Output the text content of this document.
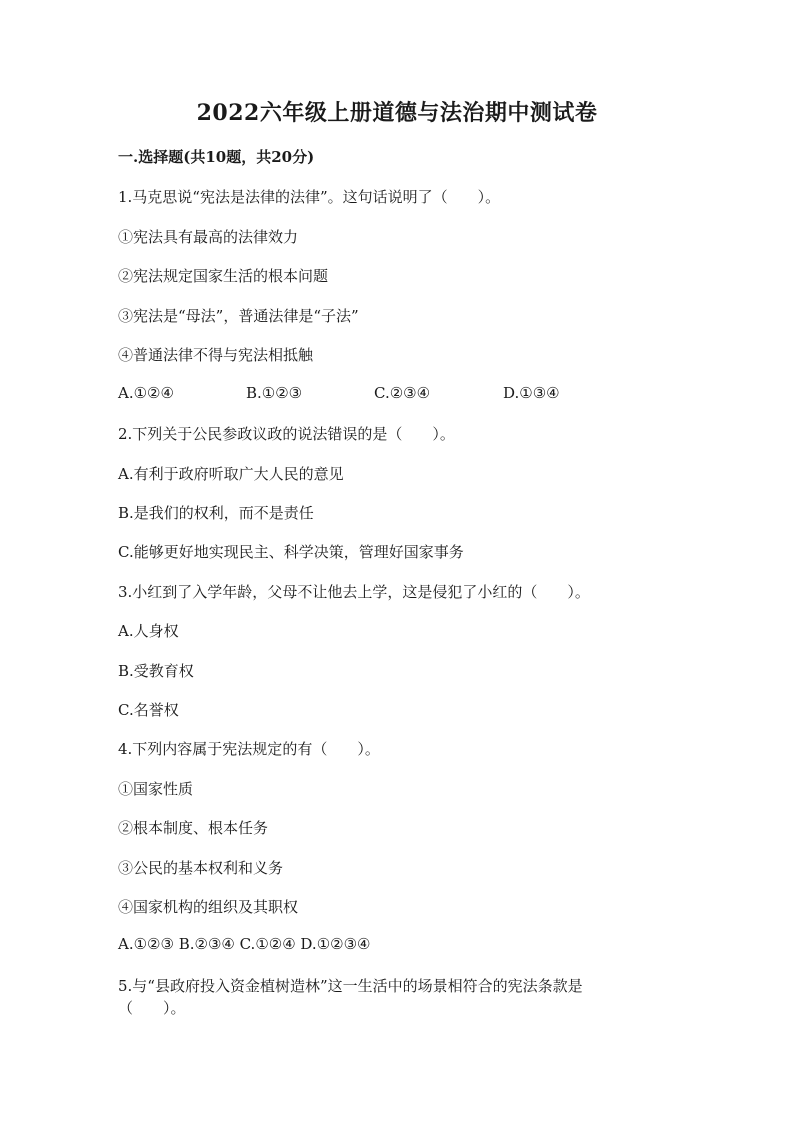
2022六年级上册道德与法治期中测试卷
一.选择题(共10题，共20分)
1.马克思说“宪法是法律的法律”。这句话说明了（　　）。
①宪法具有最高的法律效力
②宪法规定国家生活的根本问题
③宪法是“母法”，普通法律是“子法”
④普通法律不得与宪法相抵触
A.①②④	B.①②③	C.②③④	D.①③④
2.下列关于公民参政议政的说法错误的是（　　）。
A.有利于政府听取广大人民的意见
B.是我们的权利，而不是责任
C.能够更好地实现民主、科学决策，管理好国家事务
3.小红到了入学年龄，父母不让他去上学，这是侵犯了小红的（　　）。
A.人身权
B.受教育权
C.名誉权
4.下列内容属于宪法规定的有（　　）。
①国家性质
②根本制度、根本任务
③公民的基本权利和义务
④国家机构的组织及其职权
A.①②③ B.②③④ C.①②④ D.①②③④
5.与“县政府投入资金植树造林”这一生活中的场景相符合的宪法条款是
（　　）。
